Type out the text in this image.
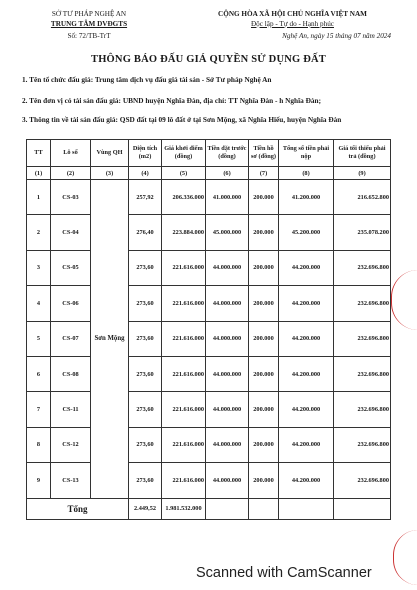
SỞ TƯ PHÁP NGHỆ AN
TRUNG TÂM DVĐGTS
Số: 72/TB-TrT
CỘNG HÒA XÃ HỘI CHỦ NGHĨA VIỆT NAM
Độc lập - Tự do - Hạnh phúc
Nghệ An, ngày 15 tháng 07 năm 2024
THÔNG BÁO ĐẤU GIÁ QUYỀN SỬ DỤNG ĐẤT
1. Tên tổ chức đấu giá: Trung tâm dịch vụ đấu giá tài sản - Sở Tư pháp Nghệ An
2. Tên đơn vị có tài sản đấu giá: UBND huyện Nghĩa Đàn, địa chỉ: TT Nghĩa Đàn - h Nghĩa Đàn;
3. Thông tin về tài sản đấu giá: QSD đất tại 09 lô đất ở tại Sơn Mộng, xã Nghĩa Hiếu, huyện Nghĩa Đàn
TT	Lô số	Vùng QH	Diện tích (m2)	Giá khởi điểm (đồng)	Tiền đặt trước (đồng)	Tiền hồ sơ (đồng)	Tổng số tiền phải nộp	Giá tối thiểu phải trả (đồng)
(1)	(2)	(3)	(4)	(5)	(6)	(7)	(8)	(9)
1	CS-03	Sơn Mộng	257,92	206.336.000	41.000.000	200.000	41.200.000	216.652.800
2	CS-04		276,40	223.884.000	45.000.000	200.000	45.200.000	235.078.200
3	CS-05		273,60	221.616.000	44.000.000	200.000	44.200.000	232.696.800
4	CS-06		273,60	221.616.000	44.000.000	200.000	44.200.000	232.696.800
5	CS-07		273,60	221.616.000	44.000.000	200.000	44.200.000	232.696.800
6	CS-08		273,60	221.616.000	44.000.000	200.000	44.200.000	232.696.800
7	CS-11		273,60	221.616.000	44.000.000	200.000	44.200.000	232.696.800
8	CS-12		273,60	221.616.000	44.000.000	200.000	44.200.000	232.696.800
9	CS-13		273,60	221.616.000	44.000.000	200.000	44.200.000	232.696.800
Tổng			2.449,52	1.981.532.000				
Scanned with CamScanner
